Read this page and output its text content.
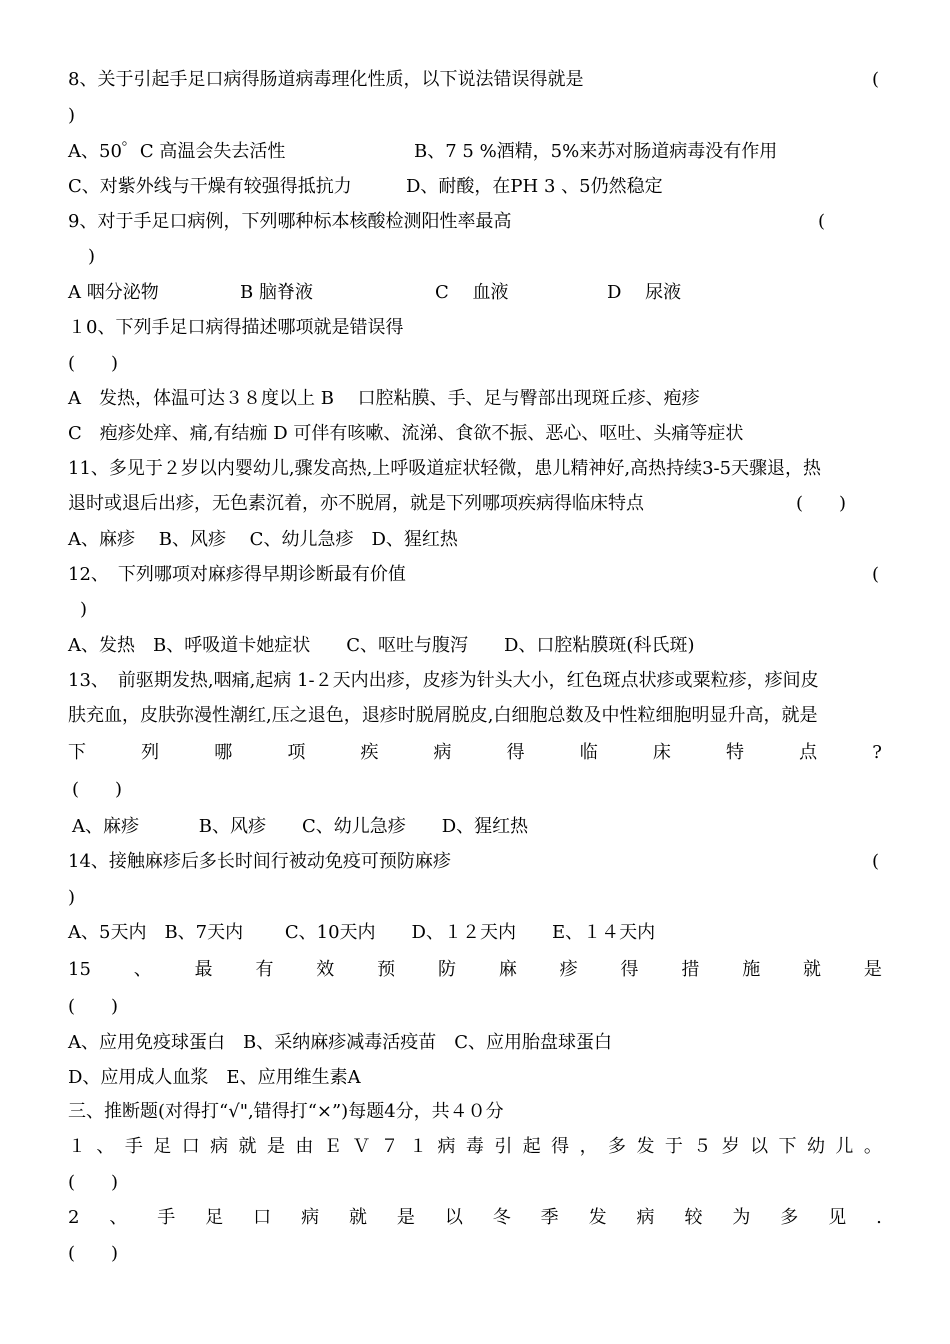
8、关于引起手足口病得肠道病毒理化性质，以下说法错误得就是	(
)
A、50゜C 高温会失去活性	B、7 5 %酒精，5%来苏对肠道病毒没有作用
C、对紫外线与干燥有较强得抵抗力	D、耐酸，在PH 3 、5仍然稳定
9、对于手足口病例，下列哪种标本核酸检测阳性率最高	(
)
A 咽分泌物	B 脑脊液	C　 血液	D　 尿液
１0、下列手足口病得描述哪项就是错误得
(　　)
A　发热，体温可达３８度以上 B　 口腔粘膜、手、足与臀部出现斑丘疹、疱疹
C　疱疹处痒、痛,有结痂 D 可伴有咳嗽、流涕、食欲不振、恶心、呕吐、头痛等症状
11、多见于２岁以内婴幼儿,骤发高热,上呼吸道症状轻微，患儿精神好,高热持续3-5天骤退，热
退时或退后出疹，无色素沉着，亦不脱屑，就是下列哪项疾病得临床特点	(　　)
A、麻疹　 B、风疹　 C、幼儿急疹　D、猩红热
12、　下列哪项对麻疹得早期诊断最有价值	(
)
A、发热　B、呼吸道卡她症状　　C、呕吐与腹泻　　D、口腔粘膜斑(科氏斑)
13、　前驱期发热,咽痛,起病 1-２天内出疹，皮疹为针头大小，红色斑点状疹或粟粒疹，疹间皮
肤充血，皮肤弥漫性潮红,压之退色，退疹时脱屑脱皮,白细胞总数及中性粒细胞明显升高，就是
下	列	哪	项	疾	病	得	临	床	特	点	?
(　　)
A、麻疹　　 　B、风疹　　C、幼儿急疹　　D、猩红热
14、接触麻疹后多长时间行被动免疫可预防麻疹	(
)
A、5天内　B、7天内　　 C、10天内　　D、１２天内　　E、１４天内
15 、 最 有 效 预 防 麻 疹 得 措 施 就 是
(　　)
A、应用免疫球蛋白　B、采纳麻疹减毒活疫苗　C、应用胎盘球蛋白
D、应用成人血浆　E、应用维生素A
三、推断题(对得打“√",错得打“×”)每题4分，共４０分
１ 、 手 足 口 病 就 是 由 Ｅ Ｖ ７ １ 病 毒 引 起 得 ， 多 发 于 ５ 岁 以 下 幼 儿 。
(　　)
2 、 手 足 口 病 就 是 以 冬 季 发 病 较 为 多 见 .
(　　)
